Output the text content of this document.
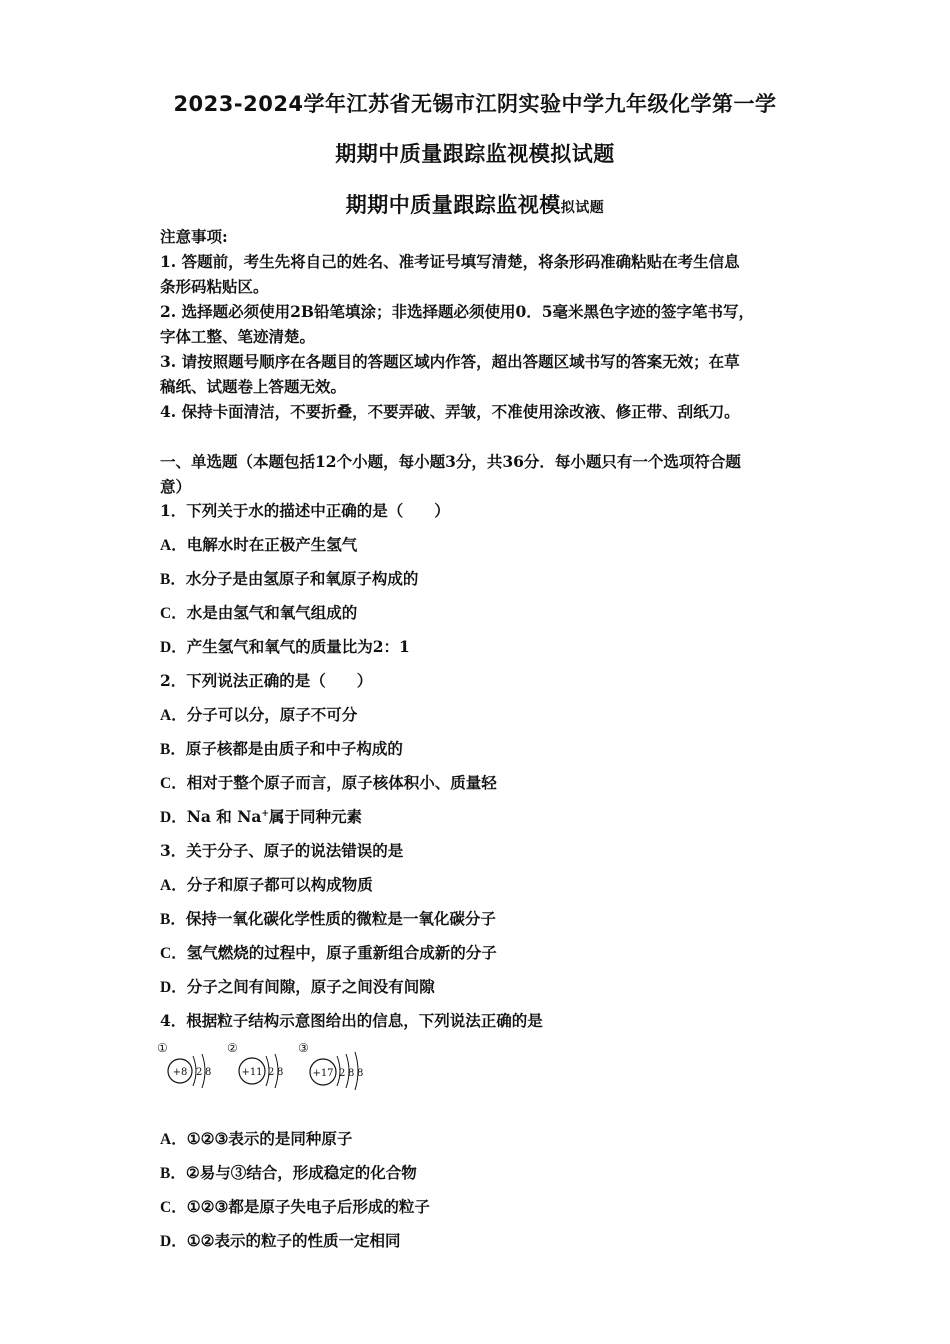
2023-2024学年江苏省无锡市江阴实验中学九年级化学第一学
期期中质量跟踪监视模拟试题
期期中质量跟踪监视模拟试题
注意事项:
1. 答题前，考生先将自己的姓名、准考证号填写清楚，将条形码准确粘贴在考生信息
条形码粘贴区。
2. 选择题必须使用2B铅笔填涂；非选择题必须使用0．5毫米黑色字迹的签字笔书写，
字体工整、笔迹清楚。
3. 请按照题号顺序在各题目的答题区域内作答，超出答题区域书写的答案无效；在草
稿纸、试题卷上答题无效。
4. 保持卡面清洁，不要折叠，不要弄破、弄皱，不准使用涂改液、修正带、刮纸刀。
一、单选题（本题包括12个小题，每小题3分，共36分．每小题只有一个选项符合题
意）
1．下列关于水的描述中正确的是（　　）
A．电解水时在正极产生氢气
B．水分子是由氢原子和氧原子构成的
C．水是由氢气和氧气组成的
D．产生氢气和氧气的质量比为2：1
2．下列说法正确的是（　　）
A．分子可以分，原子不可分
B．原子核都是由质子和中子构成的
C．相对于整个原子而言，原子核体积小、质量轻
D．Na 和 Na+属于同种元素
3．关于分子、原子的说法错误的是
A．分子和原子都可以构成物质
B．保持一氧化碳化学性质的微粒是一氧化碳分子
C．氢气燃烧的过程中，原子重新组合成新的分子
D．分子之间有间隙，原子之间没有间隙
4．根据粒子结构示意图给出的信息，下列说法正确的是
①
+8 2 8
②
+11 2 8
③
+17 2 8 8
A．①②③表示的是同种原子
B．②易与③结合，形成稳定的化合物
C．①②③都是原子失电子后形成的粒子
D．①②表示的粒子的性质一定相同
